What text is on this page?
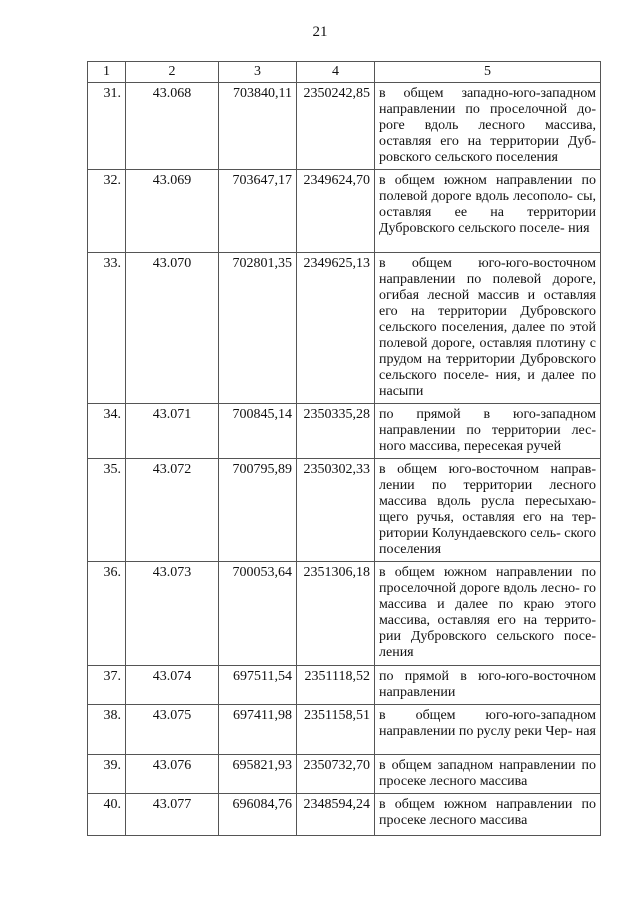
21
1	2	3	4	5
31.	43.068	703840,11	2350242,85	в общем западно-юго-западном направлении по проселочной до- роге вдоль лесного массива, оставляя его на территории Дуб- ровского сельского поселения
32.	43.069	703647,17	2349624,70	в общем южном направлении по полевой дороге вдоль лесополо- сы, оставляя ее на территории Дубровского сельского поселе- ния
33.	43.070	702801,35	2349625,13	в общем юго-юго-восточном направлении по полевой дороге, огибая лесной массив и оставляя его на территории Дубровского сельского поселения, далее по этой полевой дороге, оставляя плотину с прудом на территории Дубровского сельского поселе- ния, и далее по насыпи
34.	43.071	700845,14	2350335,28	по прямой в юго-западном направлении по территории лес- ного массива, пересекая ручей
35.	43.072	700795,89	2350302,33	в общем юго-восточном направ- лении по территории лесного массива вдоль русла пересыхаю- щего ручья, оставляя его на тер- ритории Колундаевского сель- ского поселения
36.	43.073	700053,64	2351306,18	в общем южном направлении по проселочной дороге вдоль лесно- го массива и далее по краю этого массива, оставляя его на террито- рии Дубровского сельского посе- ления
37.	43.074	697511,54	2351118,52	по прямой в юго-юго-восточном направлении
38.	43.075	697411,98	2351158,51	в общем юго-юго-западном направлении по руслу реки Чер- ная
39.	43.076	695821,93	2350732,70	в общем западном направлении по просеке лесного массива
40.	43.077	696084,76	2348594,24	в общем южном направлении по просеке лесного массива
